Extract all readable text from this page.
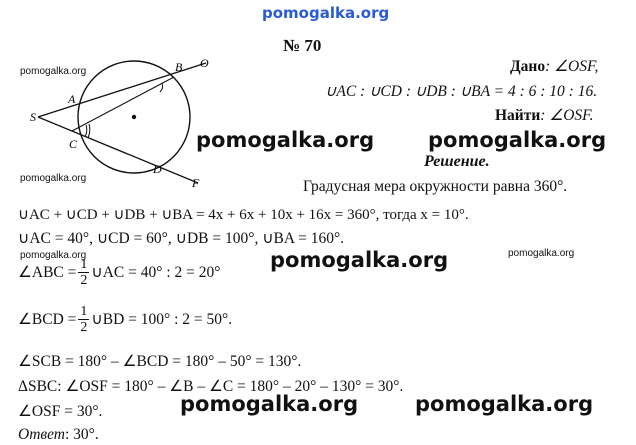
pomogalka.org
№ 70
pomogalka.org
pomogalka.org
pomogalka.org	pomogalka.org
B O
A
S
C
D
F
Дано: ∠OSF,
∪AC : ∪CD : ∪DB : ∪BA = 4 : 6 : 10 : 16.
Найти: ∠OSF.
pomogalka.org	pomogalka.org
pomogalka.org
pomogalka.org	pomogalka.org
Решение.
Градусная мера окружности равна 360°.
∪AC + ∪CD + ∪DB + ∪BA = 4x + 6x + 10x + 16x = 360°, тогда x = 10°.
∪AC = 40°, ∪CD = 60°, ∪DB = 100°, ∪BA = 160°.
∠ABC = $\frac{1}{2}$ ∪AC = 40° : 2 = 20°
∠BCD = $\frac{1}{2}$ ∪BD = 100° : 2 = 50°.
∠SCB = 180° – ∠BCD = 180° – 50° = 130°.
ΔSBC: ∠OSF = 180° – ∠B – ∠C = 180° – 20° – 130° = 30°.
∠OSF = 30°.
Ответ: 30°.
